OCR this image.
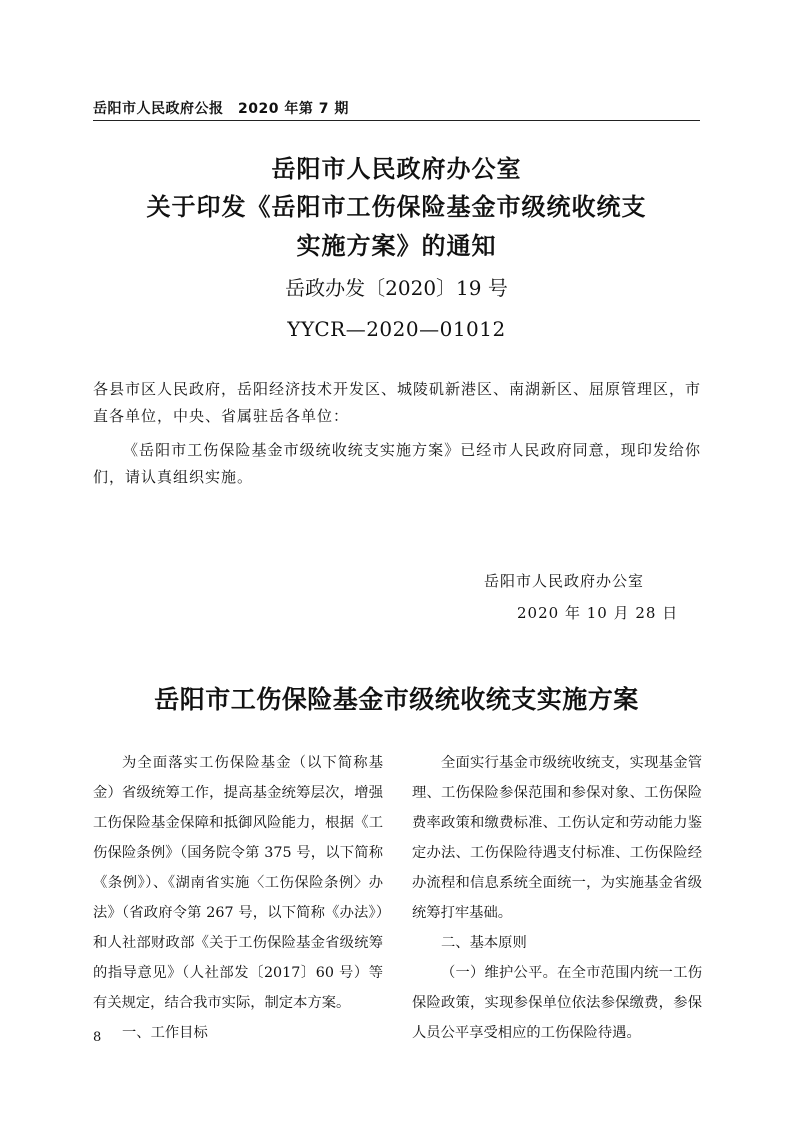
岳阳市人民政府公报　2020 年第 7 期
岳阳市人民政府办公室
关于印发《岳阳市工伤保险基金市级统收统支
实施方案》的通知
岳政办发〔2020〕19 号
YYCR—2020—01012
各县市区人民政府，岳阳经济技术开发区、城陵矶新港区、南湖新区、屈原管理区，市直各单位，中央、省属驻岳各单位：
《岳阳市工伤保险基金市级统收统支实施方案》已经市人民政府同意，现印发给你们，请认真组织实施。
岳阳市人民政府办公室
2020 年 10 月 28 日
岳阳市工伤保险基金市级统收统支实施方案

为全面落实工伤保险基金（以下简称基金）省级统筹工作，提高基金统筹层次，增强工伤保险基金保障和抵御风险能力，根据《工伤保险条例》（国务院令第 375 号，以下简称《条例》）、《湖南省实施〈工伤保险条例〉办法》（省政府令第 267 号，以下简称《办法》）和人社部财政部《关于工伤保险基金省级统筹的指导意见》（人社部发〔2017〕60 号）等有关规定，结合我市实际，制定本方案。

一、工作目标

全面实行基金市级统收统支，实现基金管理、工伤保险参保范围和参保对象、工伤保险费率政策和缴费标准、工伤认定和劳动能力鉴定办法、工伤保险待遇支付标准、工伤保险经办流程和信息系统全面统一，为实施基金省级统筹打牢基础。

二、基本原则

（一）维护公平。在全市范围内统一工伤保险政策，实现参保单位依法参保缴费，参保人员公平享受相应的工伤保险待遇。

8
